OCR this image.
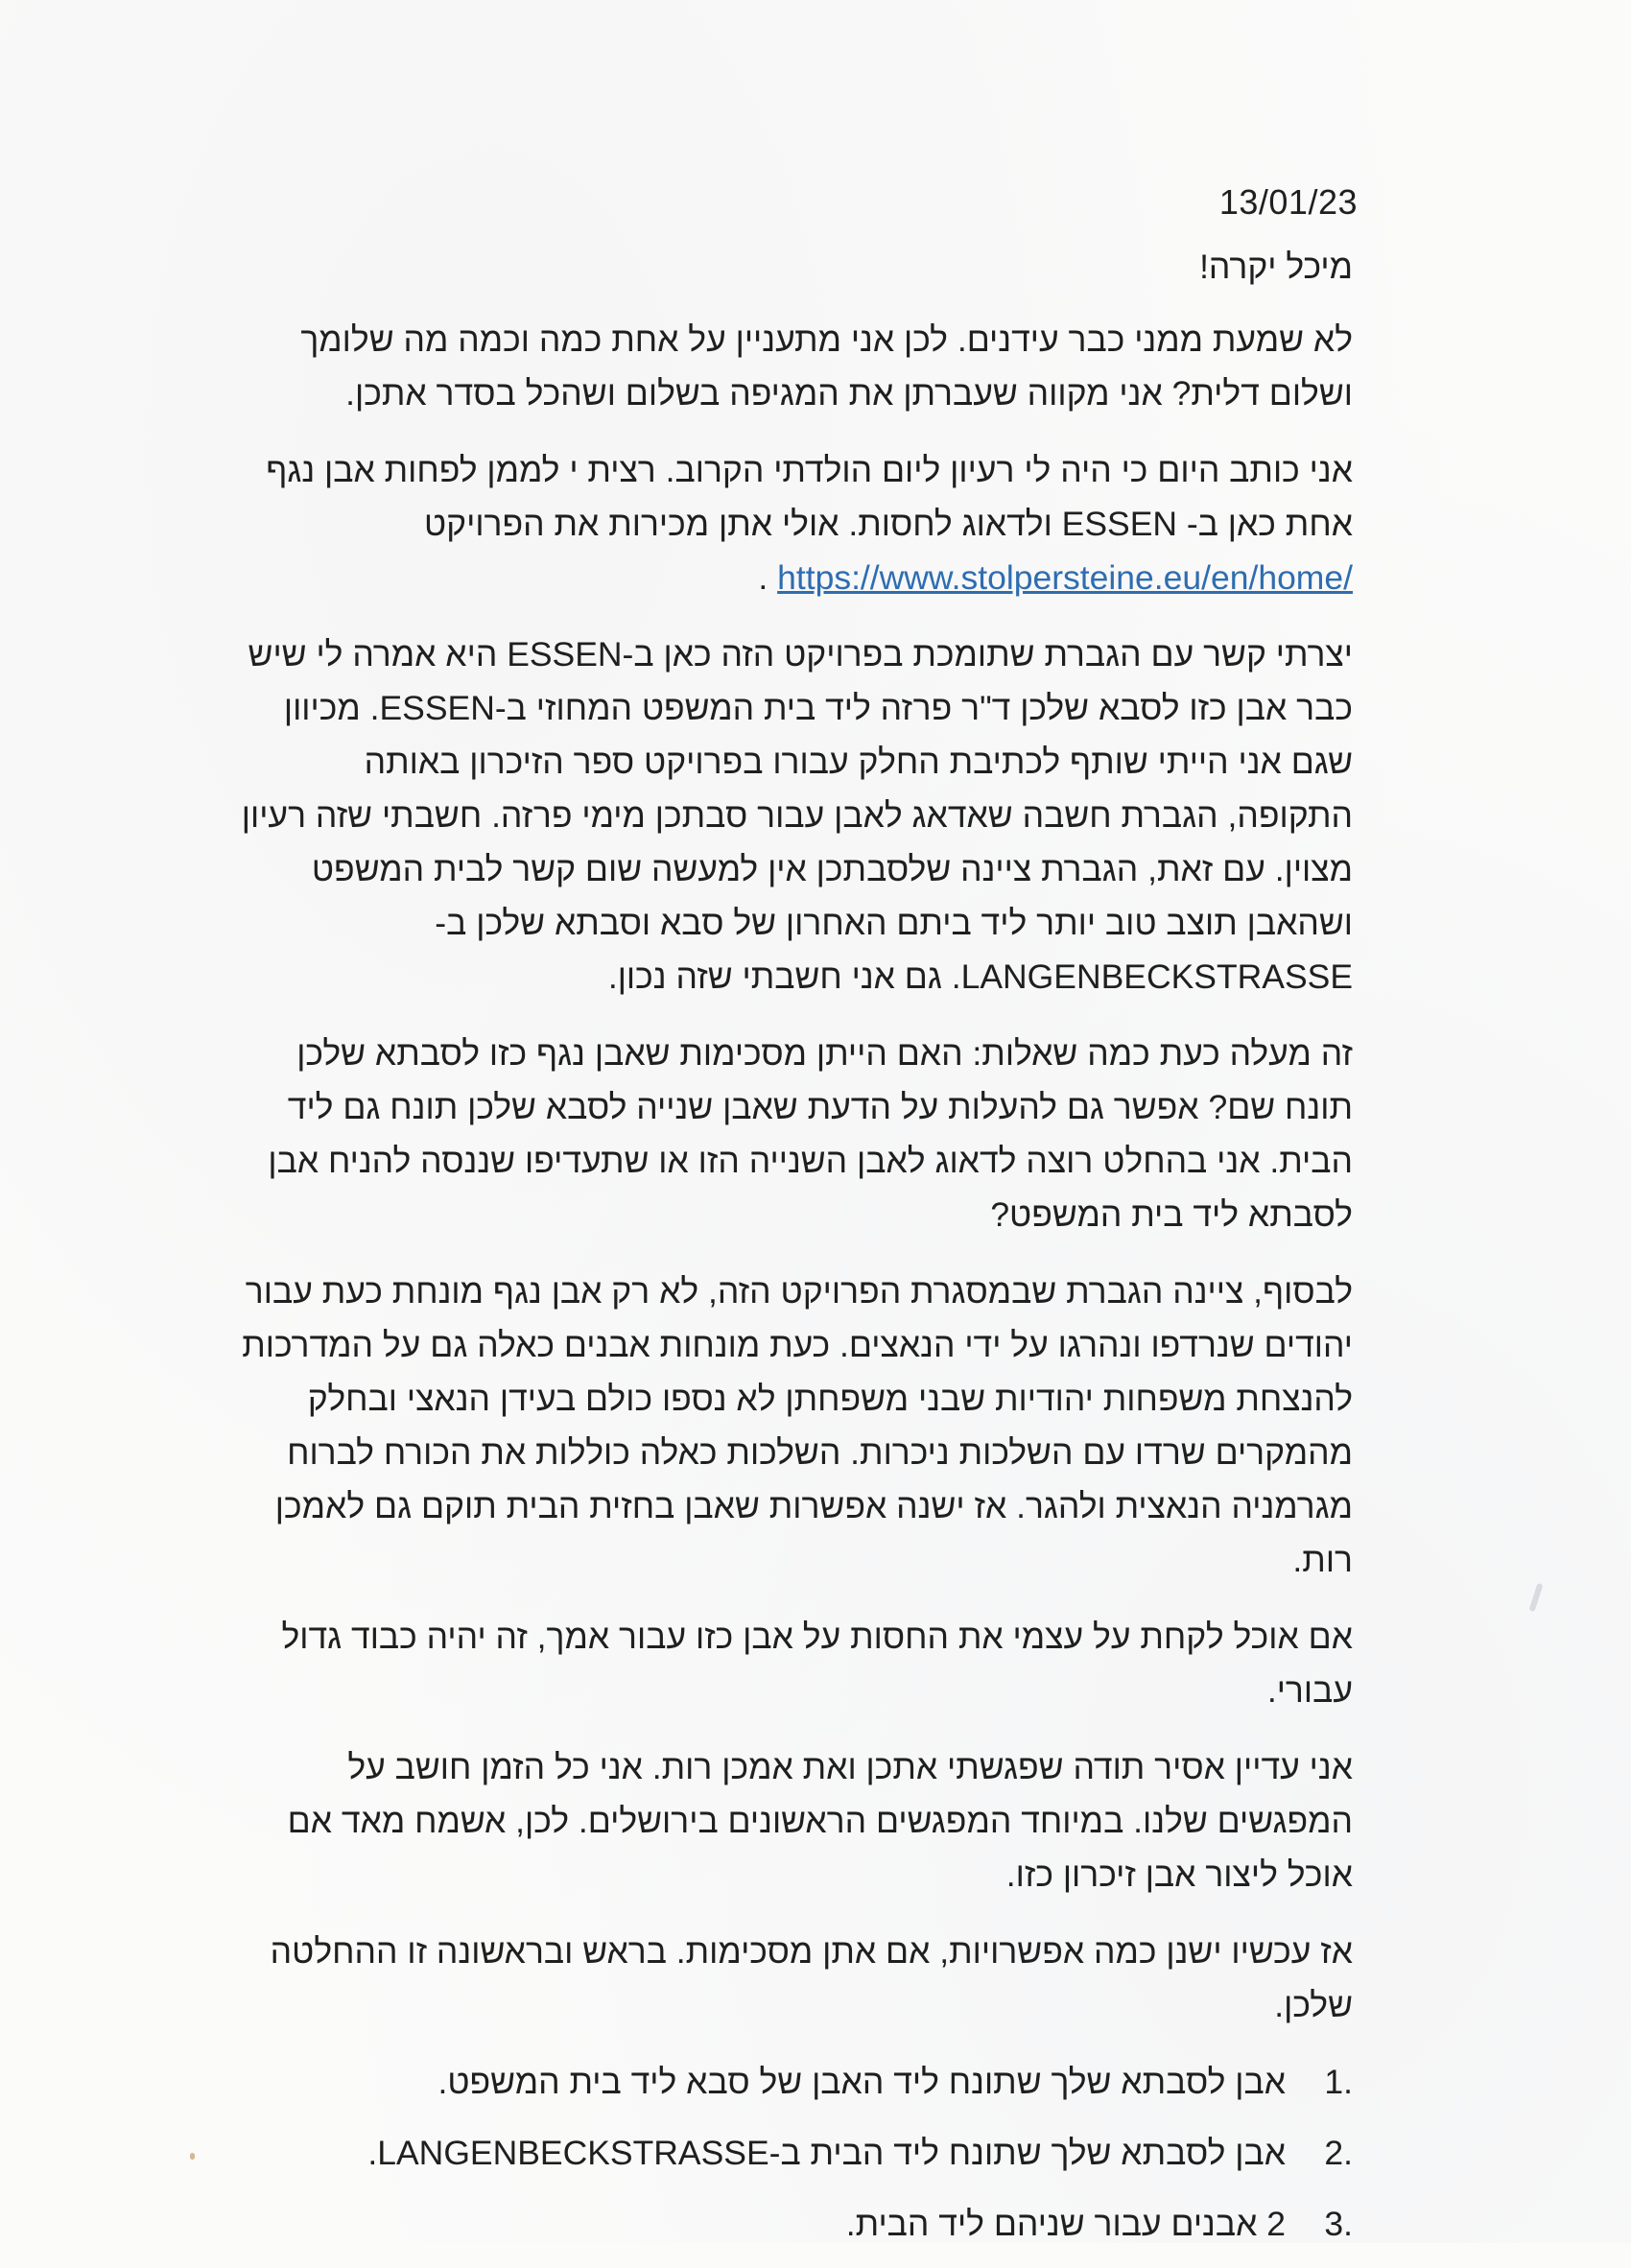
13/01/23

מיכל יקרה!

לא שמעת ממני כבר עידנים. לכן אני מתעניין על אחת כמה וכמה מה שלומך ושלום דלית? אני מקווה שעברתן את המגיפה בשלום ושהכל בסדר אתכן.

אני כותב היום כי היה לי רעיון ליום הולדתי הקרוב. רצית י לממן לפחות אבן נגף אחת כאן ב- ESSEN ולדאוג לחסות. אולי אתן מכירות את הפרויקט
https://www.stolpersteine.eu/en/home/ .

יצרתי קשר עם הגברת שתומכת בפרויקט הזה כאן ב-ESSEN היא אמרה לי שיש כבר אבן כזו לסבא שלכן ד"ר פרזה ליד בית המשפט המחוזי ב-ESSEN. מכיוון שגם אני הייתי שותף לכתיבת החלק עבורו בפרויקט ספר הזיכרון באותה התקופה, הגברת חשבה שאדאג לאבן עבור סבתכן מימי פרזה. חשבתי שזה רעיון מצוין. עם זאת, הגברת ציינה שלסבתכן אין למעשה שום קשר לבית המשפט ושהאבן תוצב טוב יותר ליד ביתם האחרון של סבא וסבתא שלכן ב-LANGENBECKSTRASSE. גם אני חשבתי שזה נכון.

זה מעלה כעת כמה שאלות: האם הייתן מסכימות שאבן נגף כזו לסבתא שלכן תונח שם? אפשר גם להעלות על הדעת שאבן שנייה לסבא שלכן תונח גם ליד הבית. אני בהחלט רוצה לדאוג לאבן השנייה הזו או שתעדיפו שננסה להניח אבן לסבתא ליד בית המשפט?

לבסוף, ציינה הגברת שבמסגרת הפרויקט הזה, לא רק אבן נגף מונחת כעת עבור יהודים שנרדפו ונהרגו על ידי הנאצים. כעת מונחות אבנים כאלה גם על המדרכות להנצחת משפחות יהודיות שבני משפחתן לא נספו כולם בעידן הנאצי ובחלק מהמקרים שרדו עם השלכות ניכרות. השלכות כאלה כוללות את הכורח לברוח מגרמניה הנאצית ולהגר. אז ישנה אפשרות שאבן בחזית הבית תוקם גם לאמכן רות.

אם אוכל לקחת על עצמי את החסות על אבן כזו עבור אמך, זה יהיה כבוד גדול עבורי.

אני עדיין אסיר תודה שפגשתי אתכן ואת אמכן רות. אני כל הזמן חושב על המפגשים שלנו. במיוחד המפגשים הראשונים בירושלים. לכן, אשמח מאד אם אוכל ליצור אבן זיכרון כזו.

אז עכשיו ישנן כמה אפשרויות, אם אתן מסכימות. בראש ובראשונה זו ההחלטה שלכן.

1.
אבן לסבתא שלך שתונח ליד האבן של סבא ליד בית המשפט.
2.
אבן לסבתא שלך שתונח ליד הבית ב-LANGENBECKSTRASSE.
3.
2 אבנים עבור שניהם ליד הבית.
